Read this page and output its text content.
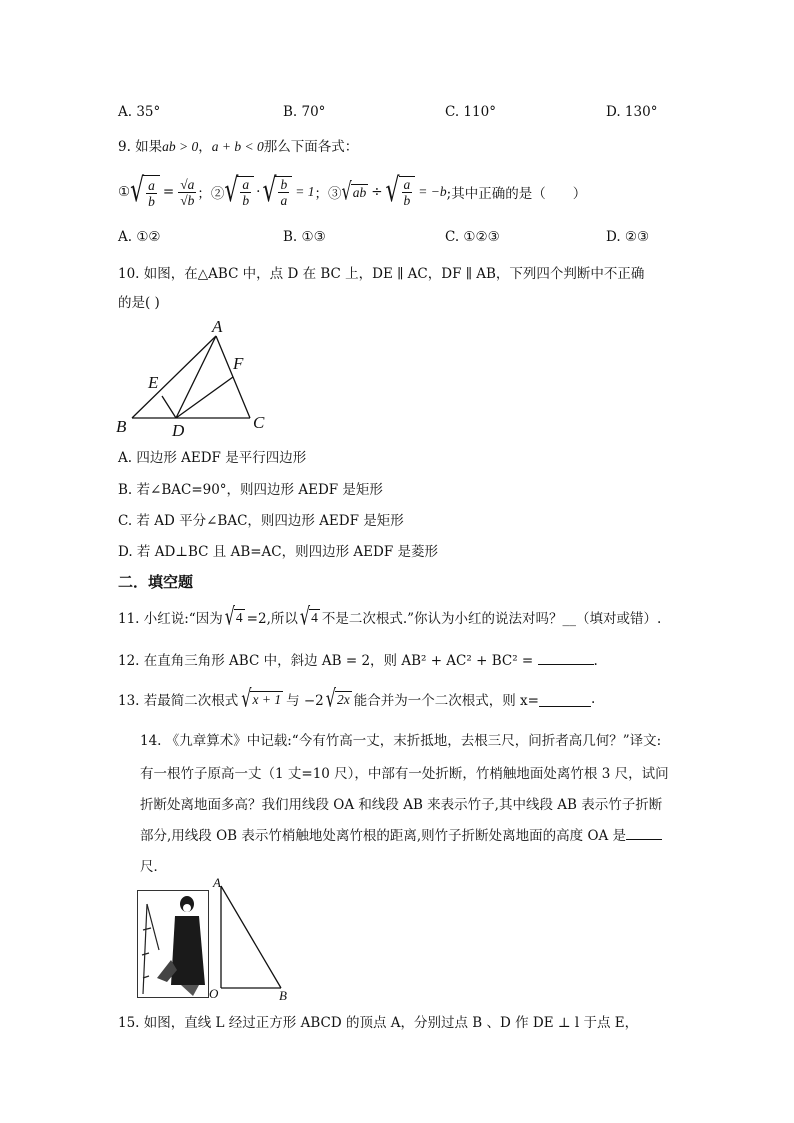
A. 35°	B. 70°	C. 110°	D. 130°
9. 如果ab > 0，a + b < 0那么下面各式：
① √ $\frac{a}{b} = \frac{√a}{√b}$ ；② √ $\frac{a}{b}$ · √ $\frac{b}{a} = 1$ ；③ √ab ÷ √ $\frac{a}{b} = -b$ ;其中正确的是（　　）
A. ①②	B. ①③	C. ①②③	D. ②③
10. 如图，在△ABC 中，点 D 在 BC 上，DE ∥ AC，DF ∥ AB，下列四个判断中不正确
的是( )
A
B	C
D
E
F
A. 四边形 AEDF 是平行四边形
B. 若∠BAC=90°，则四边形 AEDF 是矩形
C. 若 AD 平分∠BAC，则四边形 AEDF 是矩形
D. 若 AD⊥BC 且 AB=AC，则四边形 AEDF 是菱形
二．填空题
11. 小红说:“因为 √4 =2,所以 √4 不是二次根式.”你认为小红的说法对吗？__（填对或错）.
12. 在直角三角形 ABC 中，斜边 AB = 2，则 AB² + AC² + BC² =	.
13. 若最简二次根式 √x + 1 与 −2 √2x 能合并为一个二次根式，则 x=	.
14. 《九章算术》中记载:“今有竹高一丈，末折抵地，去根三尺，问折者高几何？”译文:
有一根竹子原高一丈（1 丈=10 尺），中部有一处折断，竹梢触地面处离竹根 3 尺，试问
折断处离地面多高？我们用线段 OA 和线段 AB 来表示竹子,其中线段 AB 表示竹子折断
部分,用线段 OB 表示竹梢触地处离竹根的距离,则竹子折断处离地面的高度 OA 是
尺．
A
O	B
15. 如图，直线 L 经过正方形 ABCD 的顶点 A，分别过点 B 、D 作 DE ⊥ l 于点 E，
